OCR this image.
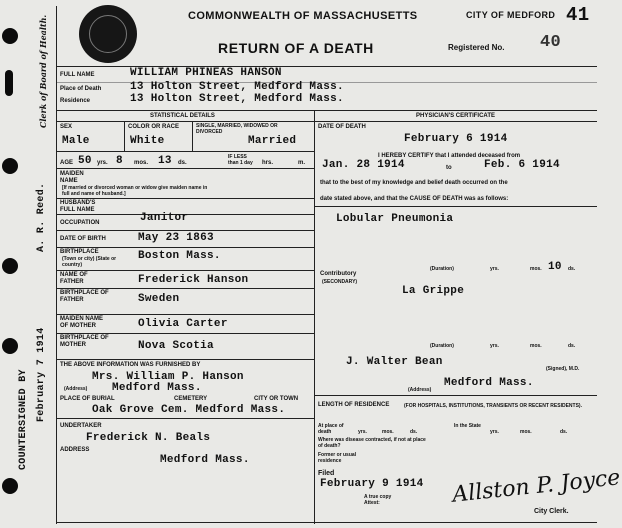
Clerk of Board of Health.
COUNTERSIGNED BY February 7 1914
A. R. Reed.
COMMONWEALTH OF MASSACHUSETTS	CITY OF MEDFORD 41
RETURN OF A DEATH	Registered No. 40
FULL NAME	WILLIAM PHINEAS HANSON
Place of Death	13 Holton Street, Medford Mass.
Residence	13 Holton Street, Medford Mass.
STATISTICAL DETAILS
SEX	COLOR OR RACE	SINGLE, MARRIED, WIDOWED OR DIVORCED
Male	White	Married
AGE 50 yrs. 8 mos. 13 ds.
IF LESS than 1 day hrs.	m.
MAIDEN NAME
[If married or divorced woman or widow give maiden name in full and name of husband.]
HUSBAND'S FULL NAME
OCCUPATION	Janitor
DATE OF BIRTH	May 23 1863
BIRTHPLACE
(Town or city) (State or country)
Boston Mass.
NAME OF FATHER	Frederick Hanson
BIRTHPLACE OF FATHER	Sweden
MAIDEN NAME OF MOTHER	Olivia Carter
BIRTHPLACE OF MOTHER	Nova Scotia
THE ABOVE INFORMATION WAS FURNISHED BY
Mrs. William P. Hanson
(Address) Medford Mass.
PLACE OF BURIAL	CEMETERY	CITY OR TOWN
Oak Grove Cem. Medford Mass.
UNDERTAKER
Frederick N. Beals
ADDRESS
Medford Mass.
PHYSICIAN'S CERTIFICATE
DATE OF DEATH
February 6 1914
I HEREBY CERTIFY that I attended deceased from
Jan. 28 1914	to	Feb. 6 1914
that to the best of my knowledge and belief death occurred on the
date stated above, and that the CAUSE OF DEATH was as follows:
Lobular Pneumonia
(Duration)	yrs.	mos. 10 ds.
Contributory
(SECONDARY)
La Grippe
(Duration)	yrs.	mos.	ds.
J. Walter Bean
(Signed), M.D.
(Address)
Medford Mass.
LENGTH OF RESIDENCE	(FOR HOSPITALS, INSTITUTIONS, TRANSIENTS OR RECENT RESIDENTS).
At place of death	yrs.	mos.	ds.
In the State
yrs.	mos.	ds.
Where was disease contracted, if not at place of death?
Former or usual residence
Filed
February 9 1914
A true copy Attest:	Allston P. Joyce
City Clerk.
